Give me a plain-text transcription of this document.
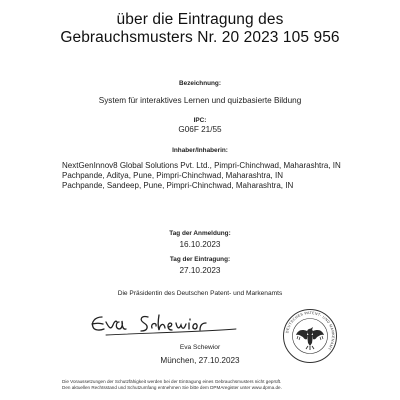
über die Eintragung des
Gebrauchsmusters Nr. 20 2023 105 956
Bezeichnung:
System für interaktives Lernen und quizbasierte Bildung
IPC:
G06F 21/55
Inhaber/Inhaberin:
NextGenInnov8 Global Solutions Pvt. Ltd., Pimpri-Chinchwad, Maharashtra, IN
Pachpande, Aditya, Pune, Pimpri-Chinchwad, Maharashtra, IN
Pachpande, Sandeep, Pune, Pimpri-Chinchwad, Maharashtra, IN
Tag der Anmeldung:
16.10.2023
Tag der Eintragung:
27.10.2023
Die Präsidentin des Deutschen Patent- und Markenamts
Eva Schewior
München, 27.10.2023
DEUTSCHES PATENT- UND MARKENAMT
Die Voraussetzungen der Schutzfähigkeit werden bei der Eintragung eines Gebrauchsmusters nicht geprüft.
Den aktuellen Rechtsstand und Schutzumfang entnehmen Sie bitte dem DPMAregister unter www.dpma.de.
